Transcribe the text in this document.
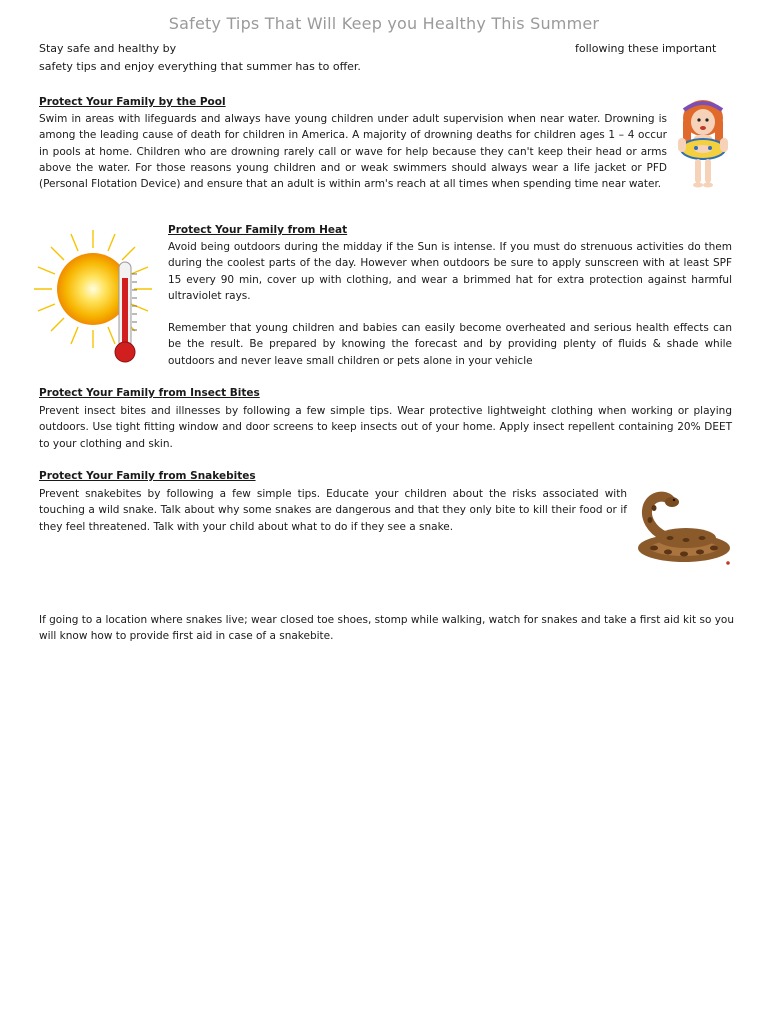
Safety Tips That Will Keep you Healthy This Summer
Stay safe and healthy by	following these important
safety tips and enjoy everything that summer has to offer.
Protect Your Family by the Pool

Swim in areas with lifeguards and always have young children under adult supervision when near water. Drowning is among the leading cause of death for children in America. A majority of drowning deaths for children ages 1 – 4 occur in pools at home. Children who are drowning rarely call or wave for help because they can't keep their head or arms above the water. For those reasons young children and or weak swimmers should always wear a life jacket or PFD (Personal Flotation Device) and ensure that an adult is within arm's reach at all times when spending time near water.

Protect Your Family from Heat

Avoid being outdoors during the midday if the Sun is intense. If you must do strenuous activities do them during the coolest parts of the day. However when outdoors be sure to apply sunscreen with at least SPF 15 every 90 min, cover up with clothing, and wear a brimmed hat for extra protection against harmful ultraviolet rays.

Remember that young children and babies can easily become overheated and serious health effects can be the result. Be prepared by knowing the forecast and by providing plenty of fluids & shade while outdoors and never leave small children or pets alone in your vehicle

Protect Your Family from Insect Bites

Prevent insect bites and illnesses by following a few simple tips. Wear protective lightweight clothing when working or playing outdoors. Use tight fitting window and door screens to keep insects out of your home. Apply insect repellent containing 20% DEET to your clothing and skin.

Protect Your Family from Snakebites

Prevent snakebites by following a few simple tips. Educate your children about the risks associated with touching a wild snake. Talk about why some snakes are dangerous and that they only bite to kill their food or if they feel threatened. Talk with your child about what to do if they see a snake.

If going to a location where snakes live; wear closed toe shoes, stomp while walking, watch for snakes and take a first aid kit so you will know how to provide first aid in case of a snakebite.
